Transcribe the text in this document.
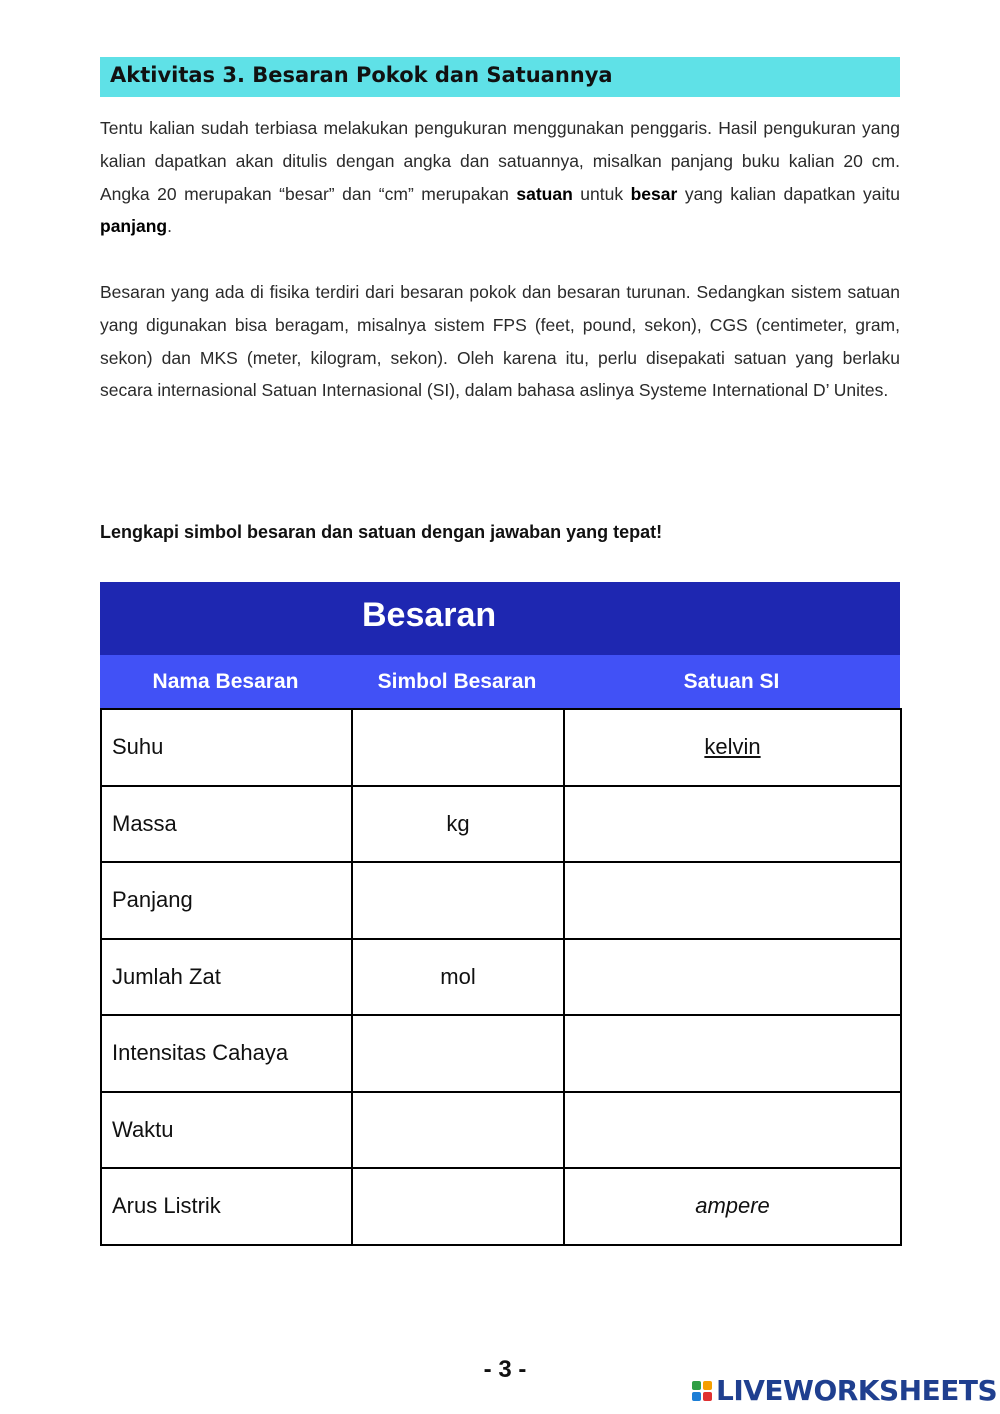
Aktivitas 3. Besaran Pokok dan Satuannya

Tentu kalian sudah terbiasa melakukan pengukuran menggunakan penggaris. Hasil pengukuran yang kalian dapatkan akan ditulis dengan angka dan satuannya, misalkan panjang buku kalian 20 cm. Angka 20 merupakan “besar” dan “cm” merupakan satuan untuk besar yang kalian dapatkan yaitu panjang.

Besaran yang ada di fisika terdiri dari besaran pokok dan besaran turunan. Sedangkan sistem satuan yang digunakan bisa beragam, misalnya sistem FPS (feet, pound, sekon), CGS (centimeter, gram, sekon) dan MKS (meter, kilogram, sekon). Oleh karena itu, perlu disepakati satuan yang berlaku secara internasional Satuan Internasional (SI), dalam bahasa aslinya Systeme International D’ Unites.

Lengkapi simbol besaran dan satuan dengan jawaban yang tepat!
Besaran
Nama Besaran	Simbol Besaran	Satuan SI
Suhu		kelvin
Massa	kg	
Panjang		
Jumlah Zat	mol	
Intensitas Cahaya		
Waktu		
Arus Listrik		ampere
- 3 -
LIVEWORKSHEETS
